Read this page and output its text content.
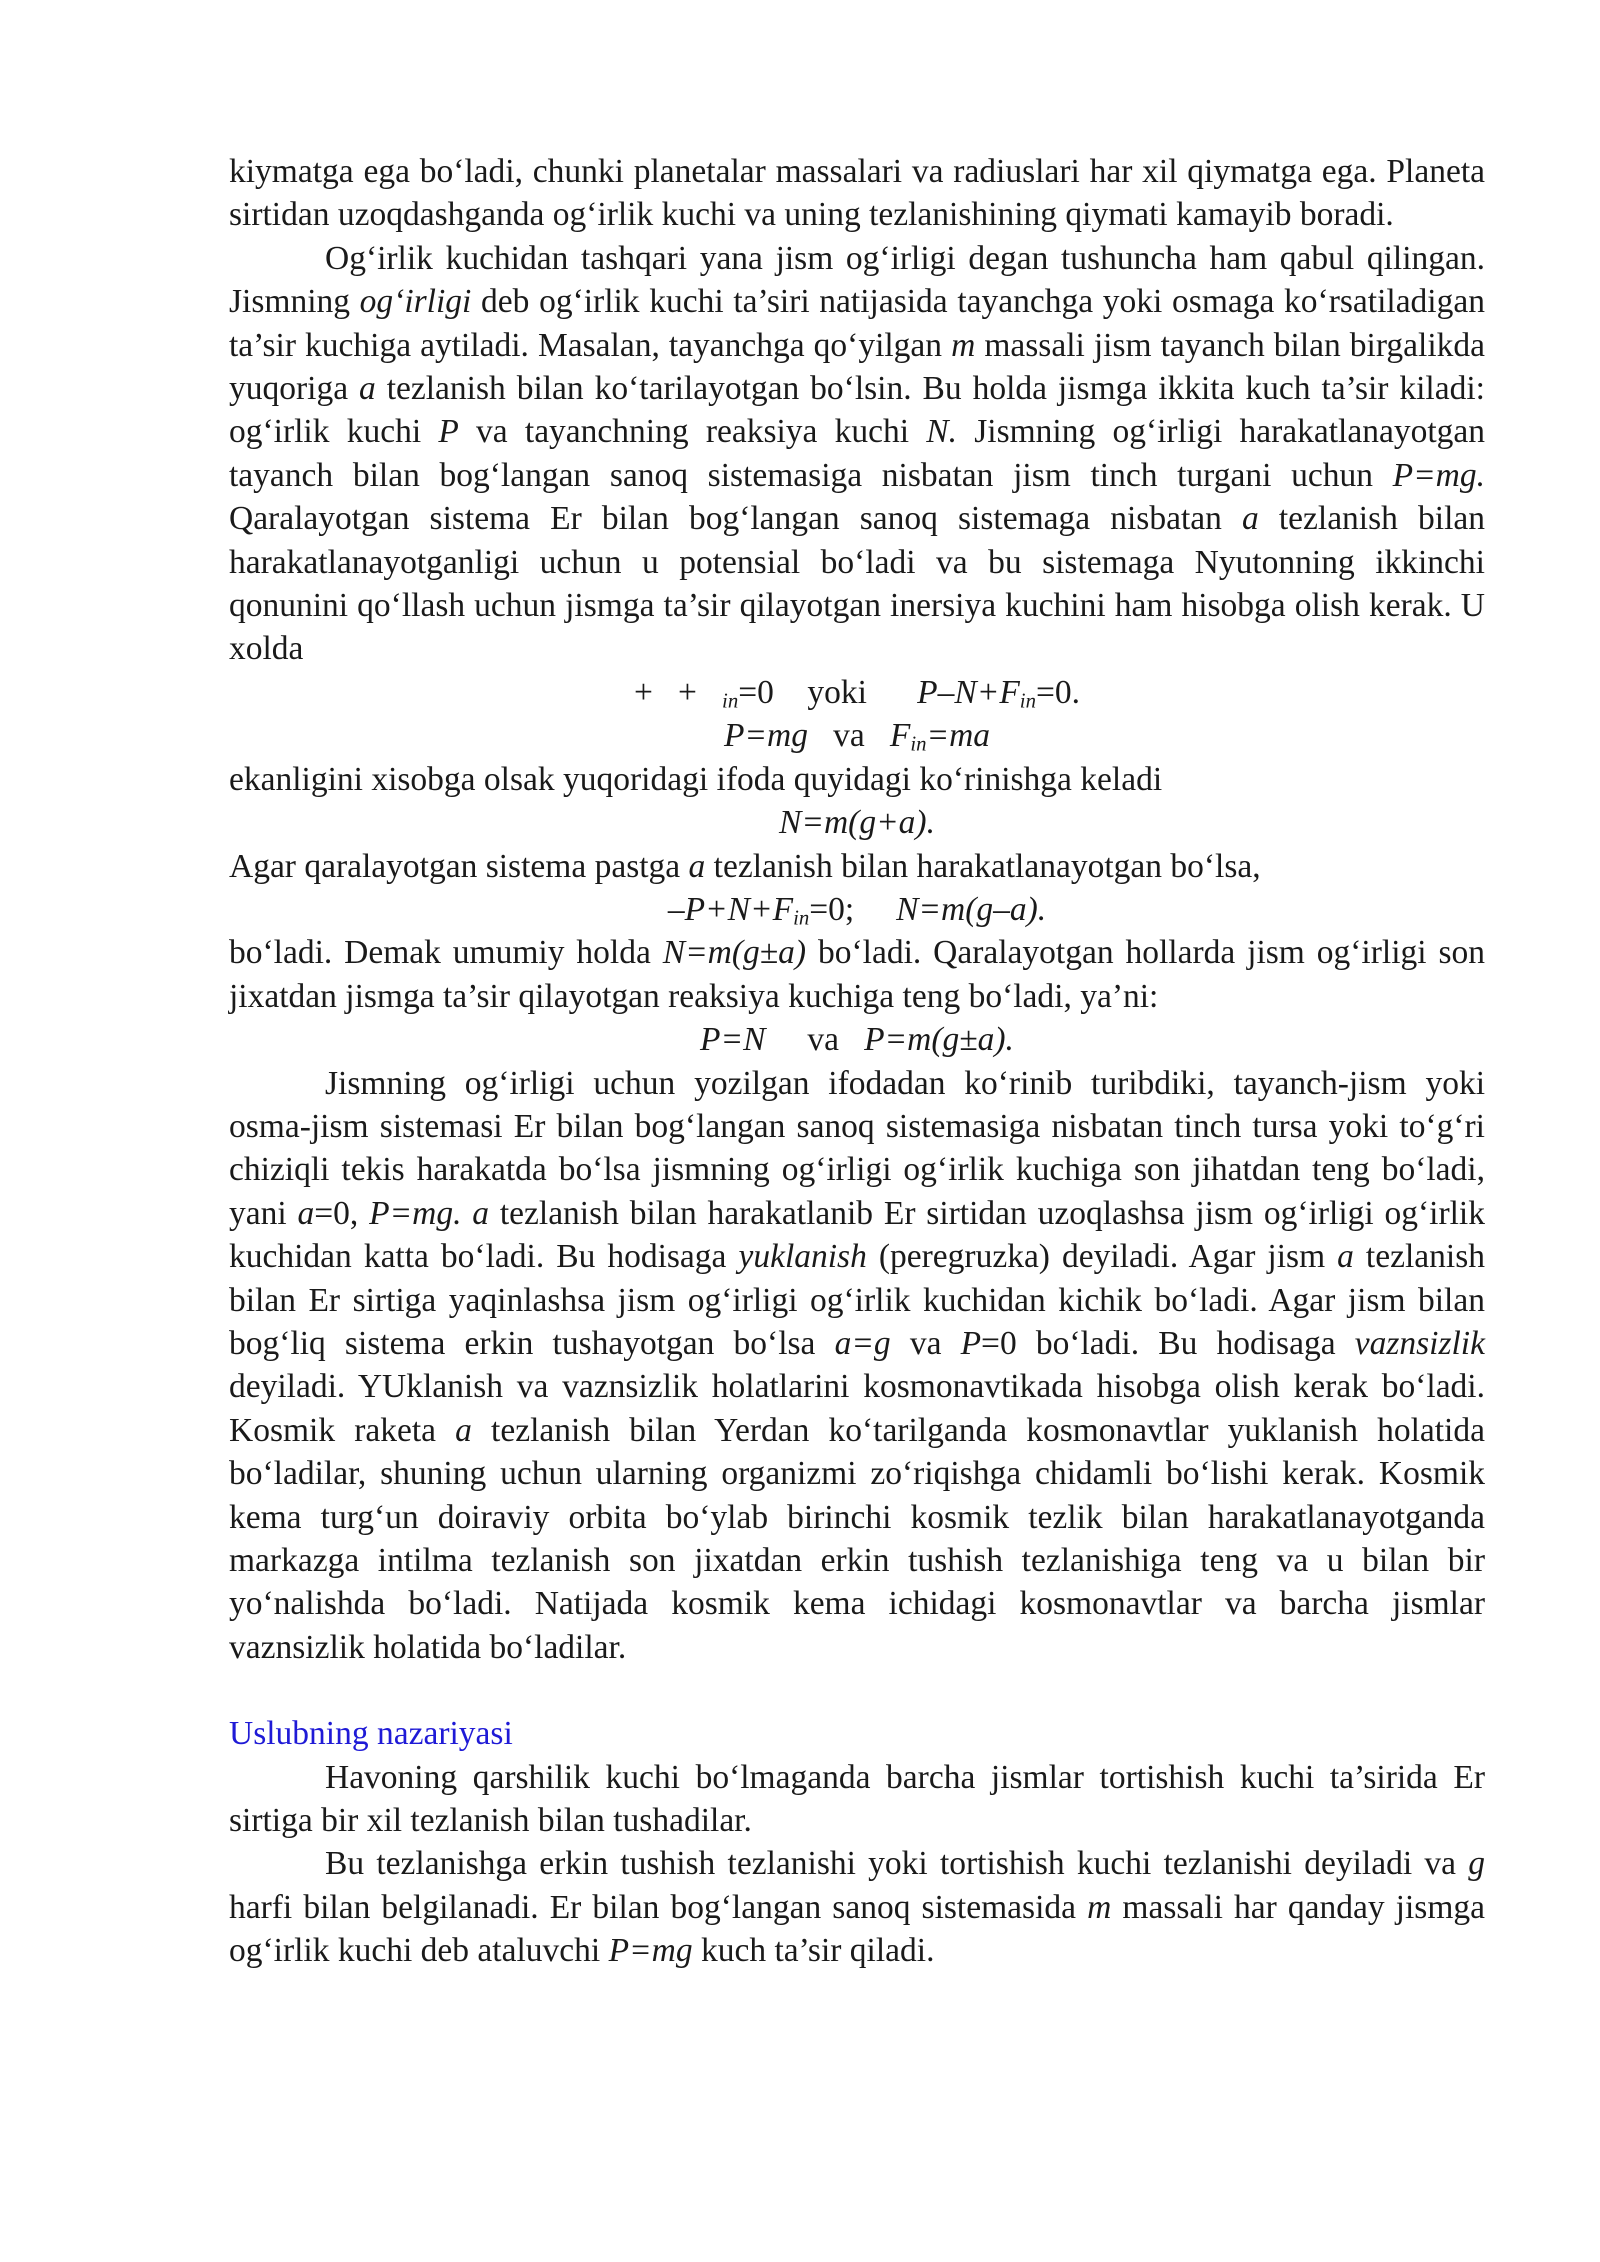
kiymatga ega bo‘ladi, chunki planetalar massalari va radiuslari har xil qiymatga ega. Planeta sirtidan uzoqdashganda og‘irlik kuchi va uning tezlanishining qiymati kamayib boradi.

Og‘irlik kuchidan tashqari yana jism og‘irligi degan tushuncha ham qabul qilingan. Jismning og‘irligi deb og‘irlik kuchi ta’siri natijasida tayanchga yoki osmaga ko‘rsatiladigan ta’sir kuchiga aytiladi. Masalan, tayanchga qo‘yilgan m massali jism tayanch bilan birgalikda yuqoriga a tezlanish bilan ko‘tarilayotgan bo‘lsin. Bu holda jismga ikkita kuch ta’sir kiladi: og‘irlik kuchi P va tayanchning reaksiya kuchi N. Jismning og‘irligi harakatlanayotgan tayanch bilan bog‘langan sanoq sistemasiga nisbatan jism tinch turgani uchun P=mg. Qaralayotgan sistema Er bilan bog‘langan sanoq sistemaga nisbatan a tezlanish bilan harakatlanayotganligi uchun u potensial bo‘ladi va bu sistemaga Nyutonning ikkinchi qonunini qo‘llash uchun jismga ta’sir qilayotgan inersiya kuchini ham hisobga olish kerak. U xolda

+   +   $_{in}$=0    yoki      $P-N+F_{in}=0$.

P=mg   va   $F_{in}=ma$

ekanligini xisobga olsak yuqoridagi ifoda quyidagi ko‘rinishga keladi

N=m(g+a).

Agar qaralayotgan sistema pastga a tezlanish bilan harakatlanayotgan bo‘lsa,

$-P+N+F_{in}=0$;     N=m(g–a).

bo‘ladi. Demak umumiy holda N=m(g±a) bo‘ladi. Qaralayotgan hollarda jism og‘irligi son jixatdan jismga ta’sir qilayotgan reaksiya kuchiga teng bo‘ladi, ya’ni:

P=N     va   P=m(g±a).

Jismning og‘irligi uchun yozilgan ifodadan ko‘rinib turibdiki, tayanch-jism yoki osma-jism sistemasi Er bilan bog‘langan sanoq sistemasiga nisbatan tinch tursa yoki to‘g‘ri chiziqli tekis harakatda bo‘lsa jismning og‘irligi og‘irlik kuchiga son jihatdan teng bo‘ladi, yani a=0, P=mg. a tezlanish bilan harakatlanib Er sirtidan uzoqlashsa jism og‘irligi og‘irlik kuchidan katta bo‘ladi. Bu hodisaga yuklanish (peregruzka) deyiladi. Agar jism a tezlanish bilan Er sirtiga yaqinlashsa jism og‘irligi og‘irlik kuchidan kichik bo‘ladi. Agar jism bilan bog‘liq sistema erkin tushayotgan bo‘lsa a=g va P=0 bo‘ladi. Bu hodisaga vaznsizlik deyiladi. YUklanish va vaznsizlik holatlarini kosmonavtikada hisobga olish kerak bo‘ladi. Kosmik raketa a tezlanish bilan Yerdan ko‘tarilganda kosmonavtlar yuklanish holatida bo‘ladilar, shuning uchun ularning organizmi zo‘riqishga chidamli bo‘lishi kerak. Kosmik kema turg‘un doiraviy orbita bo‘ylab birinchi kosmik tezlik bilan harakatlanayotganda markazga intilma tezlanish son jixatdan erkin tushish tezlanishiga teng va u bilan bir yo‘nalishda bo‘ladi. Natijada kosmik kema ichidagi kosmonavtlar va barcha jismlar vaznsizlik holatida bo‘ladilar.

Uslubning nazariyasi

Havoning qarshilik kuchi bo‘lmaganda barcha jismlar tortishish kuchi ta’sirida Er sirtiga bir xil tezlanish bilan tushadilar.

Bu tezlanishga erkin tushish tezlanishi yoki tortishish kuchi tezlanishi deyiladi va g harfi bilan belgilanadi. Er bilan bog‘langan sanoq sistemasida m massali har qanday jismga og‘irlik kuchi deb ataluvchi P=mg kuch ta’sir qiladi.
